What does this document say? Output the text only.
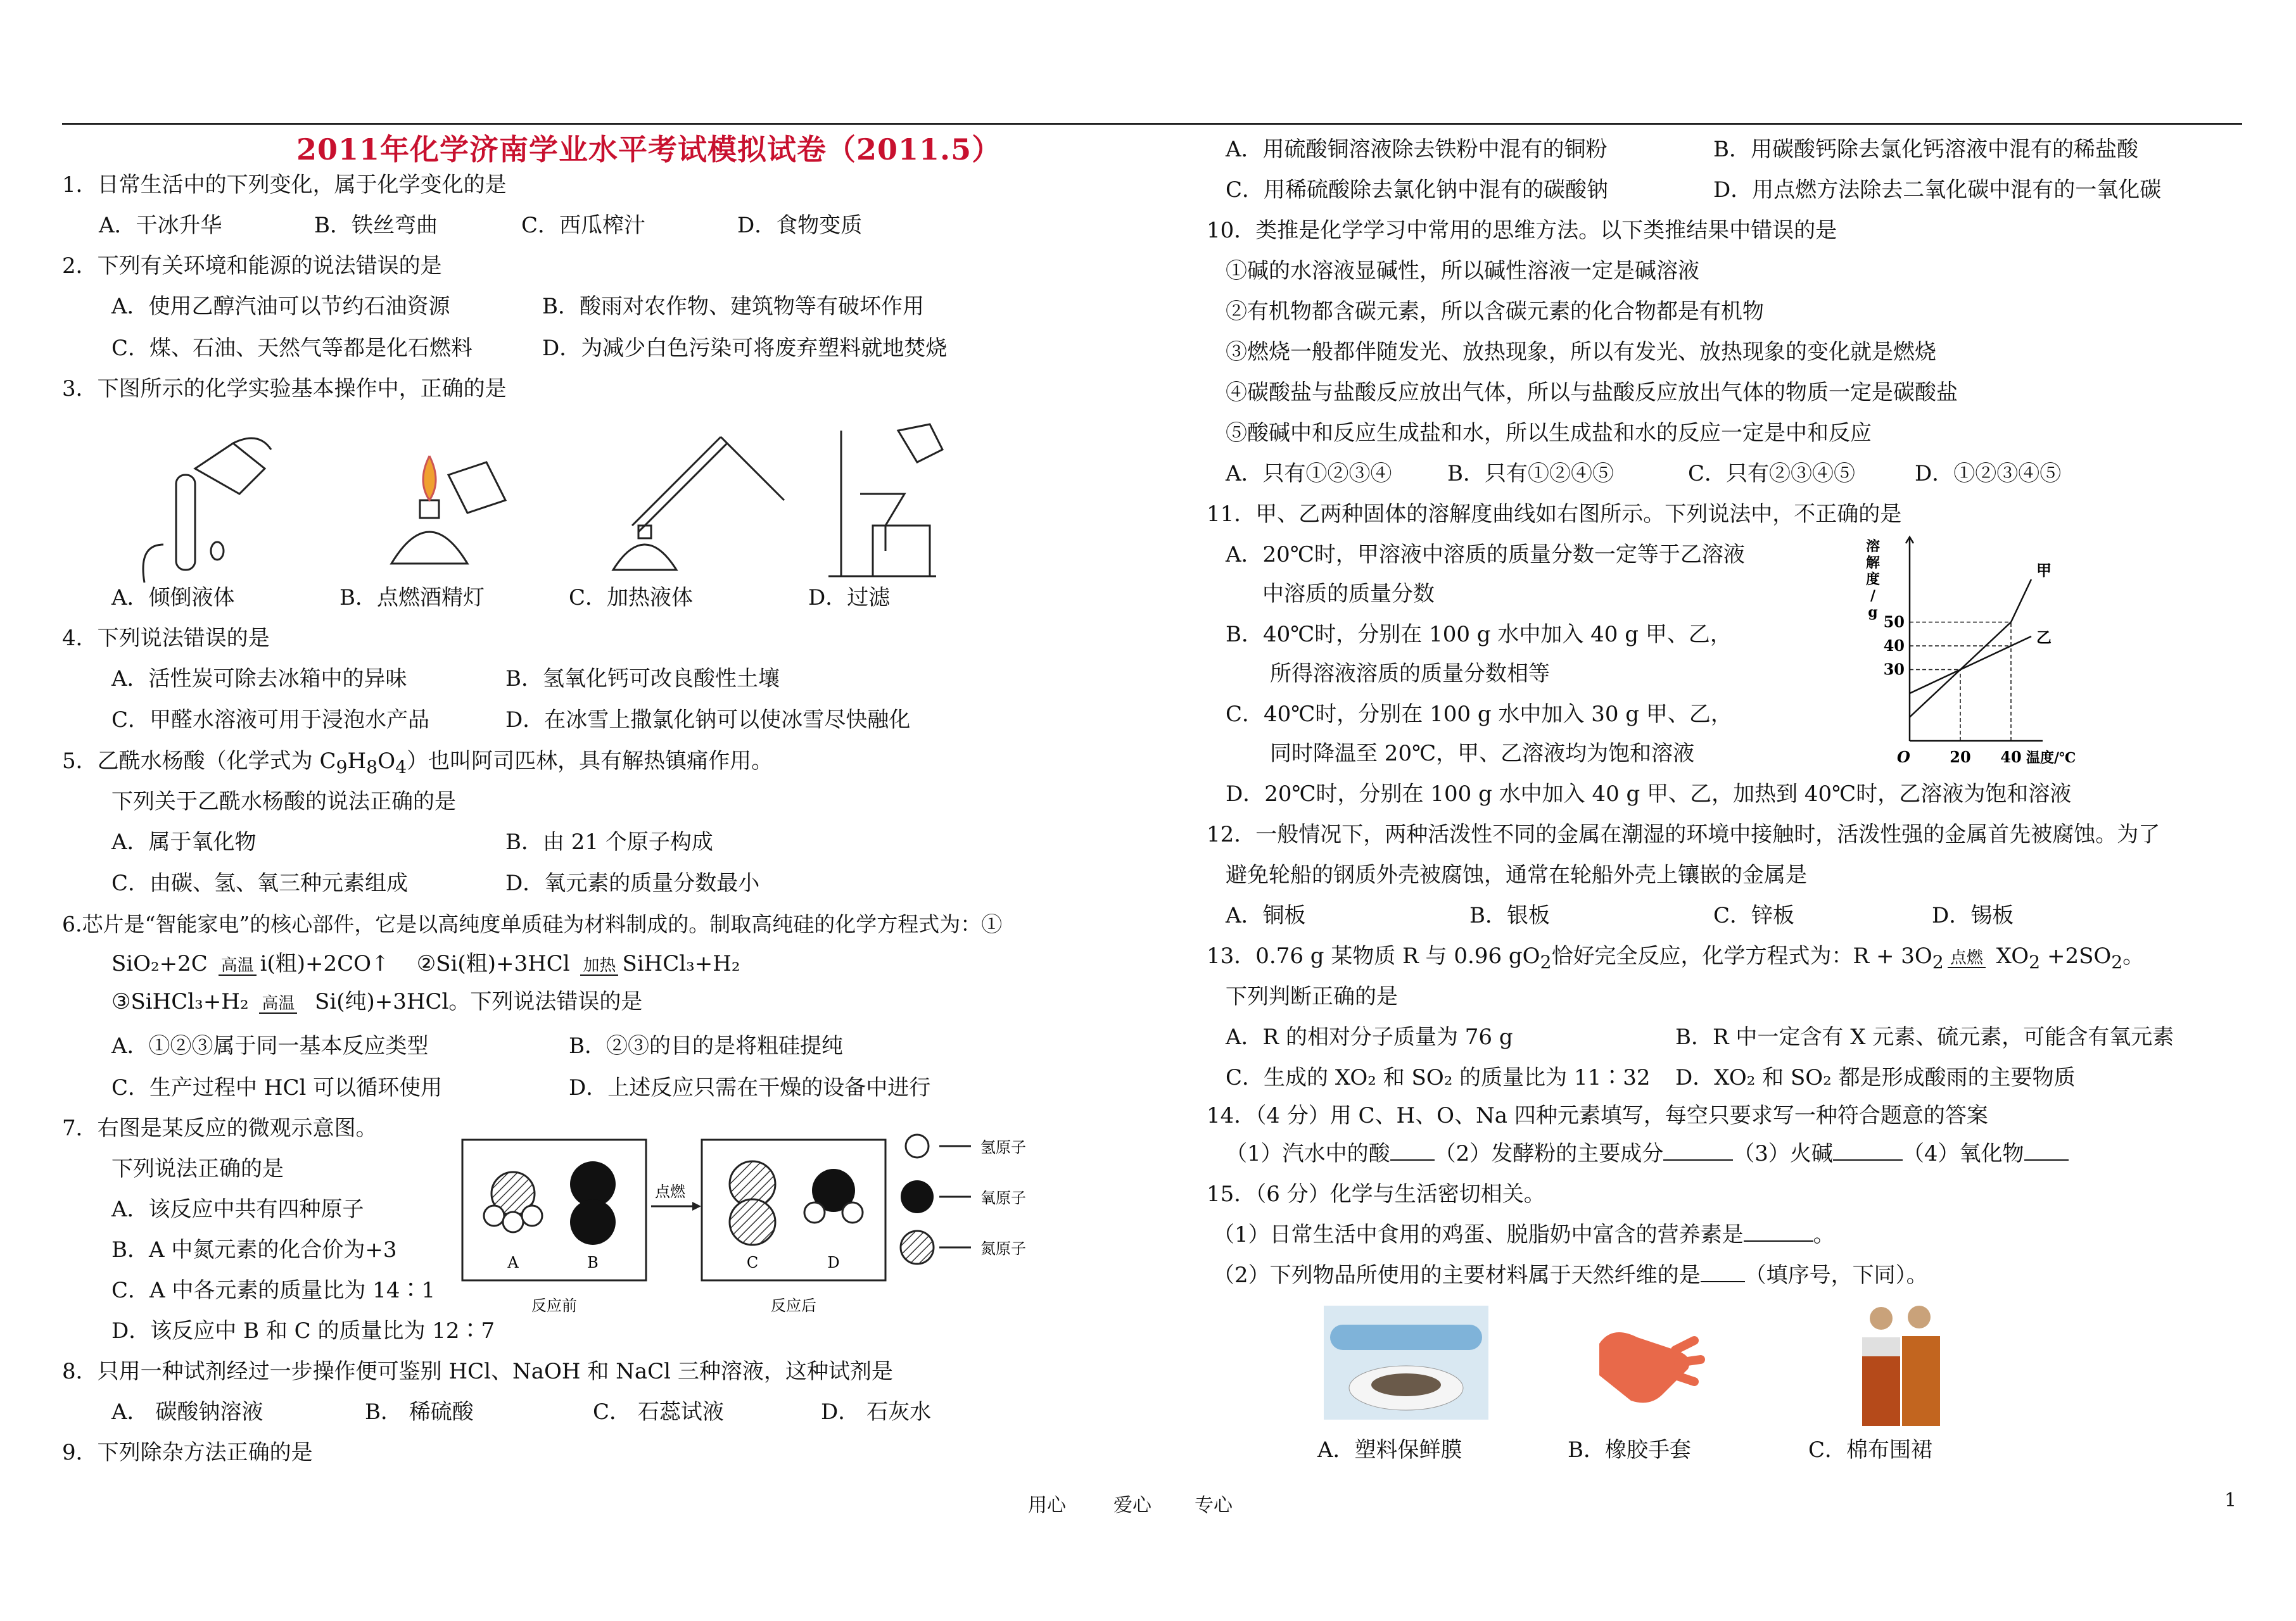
2011年化学济南学业水平考试模拟试卷（2011.5）
1．日常生活中的下列变化，属于化学变化的是
A．干冰升华	B．铁丝弯曲	C．西瓜榨汁	D．食物变质
2．下列有关环境和能源的说法错误的是
A．使用乙醇汽油可以节约石油资源	B．酸雨对农作物、建筑物等有破坏作用
C．煤、石油、天然气等都是化石燃料	D．为减少白色污染可将废弃塑料就地焚烧
3．下图所示的化学实验基本操作中，正确的是
A．倾倒液体	B．点燃酒精灯	C．加热液体	D．过滤
4．下列说法错误的是
A．活性炭可除去冰箱中的异味	B．氢氧化钙可改良酸性土壤
C．甲醛水溶液可用于浸泡水产品	D．在冰雪上撒氯化钠可以使冰雪尽快融化
5．乙酰水杨酸（化学式为 $C_9H_8O_4$）也叫阿司匹林，具有解热镇痛作用。
下列关于乙酰水杨酸的说法正确的是
A．属于氧化物	B．由 21 个原子构成
C．由碳、氢、氧三种元素组成	D．氧元素的质量分数最小
6.芯片是“智能家电”的核心部件，它是以高纯度单质硅为材料制成的。制取高纯硅的化学方程式为：①
SiO₂+2C 高温 i(粗)+2CO↑ ②Si(粗)+3HCl 加热 SiHCl₃+H₂
③SiHCl₃+H₂ 高温 Si(纯)+3HCl。下列说法错误的是
A．①②③属于同一基本反应类型	B．②③的目的是将粗硅提纯
C．生产过程中 HCl 可以循环使用	D．上述反应只需在干燥的设备中进行
7．右图是某反应的微观示意图。
下列说法正确的是
A．该反应中共有四种原子
B．A 中氮元素的化合价为+3
C．A 中各元素的质量比为 14∶1
D．该反应中 B 和 C 的质量比为 12∶7
A	B
反应前
点燃
C	D
反应后
氢原子
氧原子
氮原子
8．只用一种试剂经过一步操作便可鉴别 HCl、NaOH 和 NaCl 三种溶液，这种试剂是
A． 碳酸钠溶液	B． 稀硫酸	C． 石蕊试液	D． 石灰水
9．下列除杂方法正确的是
A．用硫酸铜溶液除去铁粉中混有的铜粉	B．用碳酸钙除去氯化钙溶液中混有的稀盐酸
C．用稀硫酸除去氯化钠中混有的碳酸钠	D．用点燃方法除去二氧化碳中混有的一氧化碳
10．类推是化学学习中常用的思维方法。以下类推结果中错误的是
①碱的水溶液显碱性，所以碱性溶液一定是碱溶液
②有机物都含碳元素，所以含碳元素的化合物都是有机物
③燃烧一般都伴随发光、放热现象，所以有发光、放热现象的变化就是燃烧
④碳酸盐与盐酸反应放出气体，所以与盐酸反应放出气体的物质一定是碳酸盐
⑤酸碱中和反应生成盐和水，所以生成盐和水的反应一定是中和反应
A．只有①②③④	B．只有①②④⑤	C．只有②③④⑤	D．①②③④⑤
11．甲、乙两种固体的溶解度曲线如右图所示。下列说法中，不正确的是
A．20℃时，甲溶液中溶质的质量分数一定等于乙溶液
中溶质的质量分数
B．40℃时，分别在 100 g 水中加入 40 g 甲、乙，
所得溶液溶质的质量分数相等
C．40℃时，分别在 100 g 水中加入 30 g 甲、乙，
同时降温至 20℃，甲、乙溶液均为饱和溶液
D．20℃时，分别在 100 g 水中加入 40 g 甲、乙，加热到 40℃时，乙溶液为饱和溶液
溶
解
度
/
g
O
30
40
50
20 40 温度/℃
甲
乙
12．一般情况下，两种活泼性不同的金属在潮湿的环境中接触时，活泼性强的金属首先被腐蚀。为了
避免轮船的钢质外壳被腐蚀，通常在轮船外壳上镶嵌的金属是
A．铜板	B．银板	C．锌板	D．锡板
13．0.76 g 某物质 R 与 0.96 $gO_2$恰好完全反应，化学方程式为：$R + 3O_2$ 点燃 $XO_2 +2SO_2$。
下列判断正确的是
A．R 的相对分子质量为 76 g	B．R 中一定含有 X 元素、硫元素，可能含有氧元素
C．生成的 XO₂ 和 SO₂ 的质量比为 11∶32 D．XO₂ 和 SO₂ 都是形成酸雨的主要物质
14．（4 分）用 C、H、O、Na 四种元素填写，每空只要求写一种符合题意的答案
（1）汽水中的酸 （2）发酵粉的主要成分	（3）火碱	（4）氧化物
15．（6 分）化学与生活密切相关。
（1）日常生活中食用的鸡蛋、脱脂奶中富含的营养素是	。
（2）下列物品所使用的主要材料属于天然纤维的是 （填序号，下同）。
A．塑料保鲜膜	B．橡胶手套	C．棉布围裙
用心	爱心 专心	1
